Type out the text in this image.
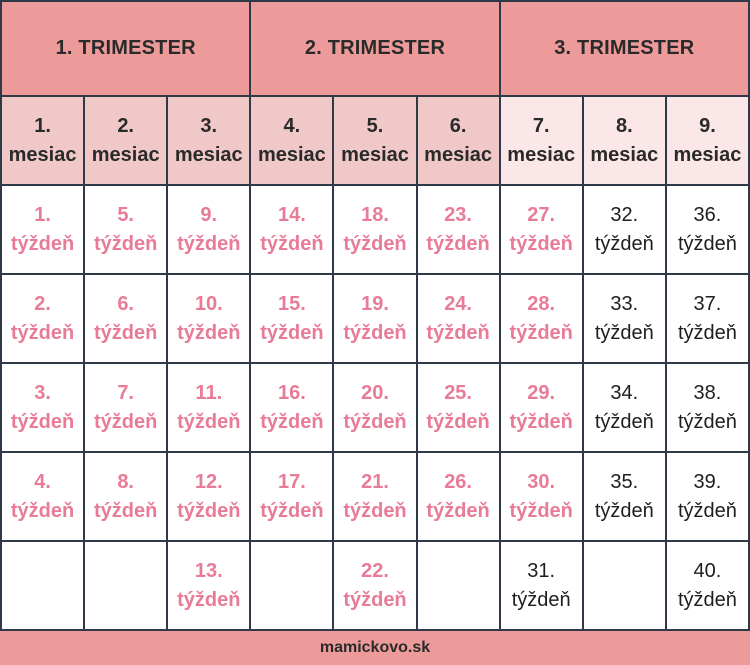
1. TRIMESTER			2. TRIMESTER			3. TRIMESTER		

1.
mesiac	2.
mesiac	3.
mesiac	4.
mesiac	5.
mesiac	6.
mesiac	7.
mesiac	8.
mesiac	9.
mesiac

1.
týždeň	5.
týždeň	9.
týždeň	14.
týždeň	18.
týždeň	23.
týždeň	27.
týždeň	32.
týždeň	36.
týždeň

2.
týždeň	6.
týždeň	10.
týždeň	15.
týždeň	19.
týždeň	24.
týždeň	28.
týždeň	33.
týždeň	37.
týždeň

3.
týždeň	7.
týždeň	11.
týždeň	16.
týždeň	20.
týždeň	25.
týždeň	29.
týždeň	34.
týždeň	38.
týždeň

4.
týždeň	8.
týždeň	12.
týždeň	17.
týždeň	21.
týždeň	26.
týždeň	30.
týždeň	35.
týždeň	39.
týždeň

		13.
týždeň		22.
týždeň		31.
týždeň		40.
týždeň
mamickovo.sk
